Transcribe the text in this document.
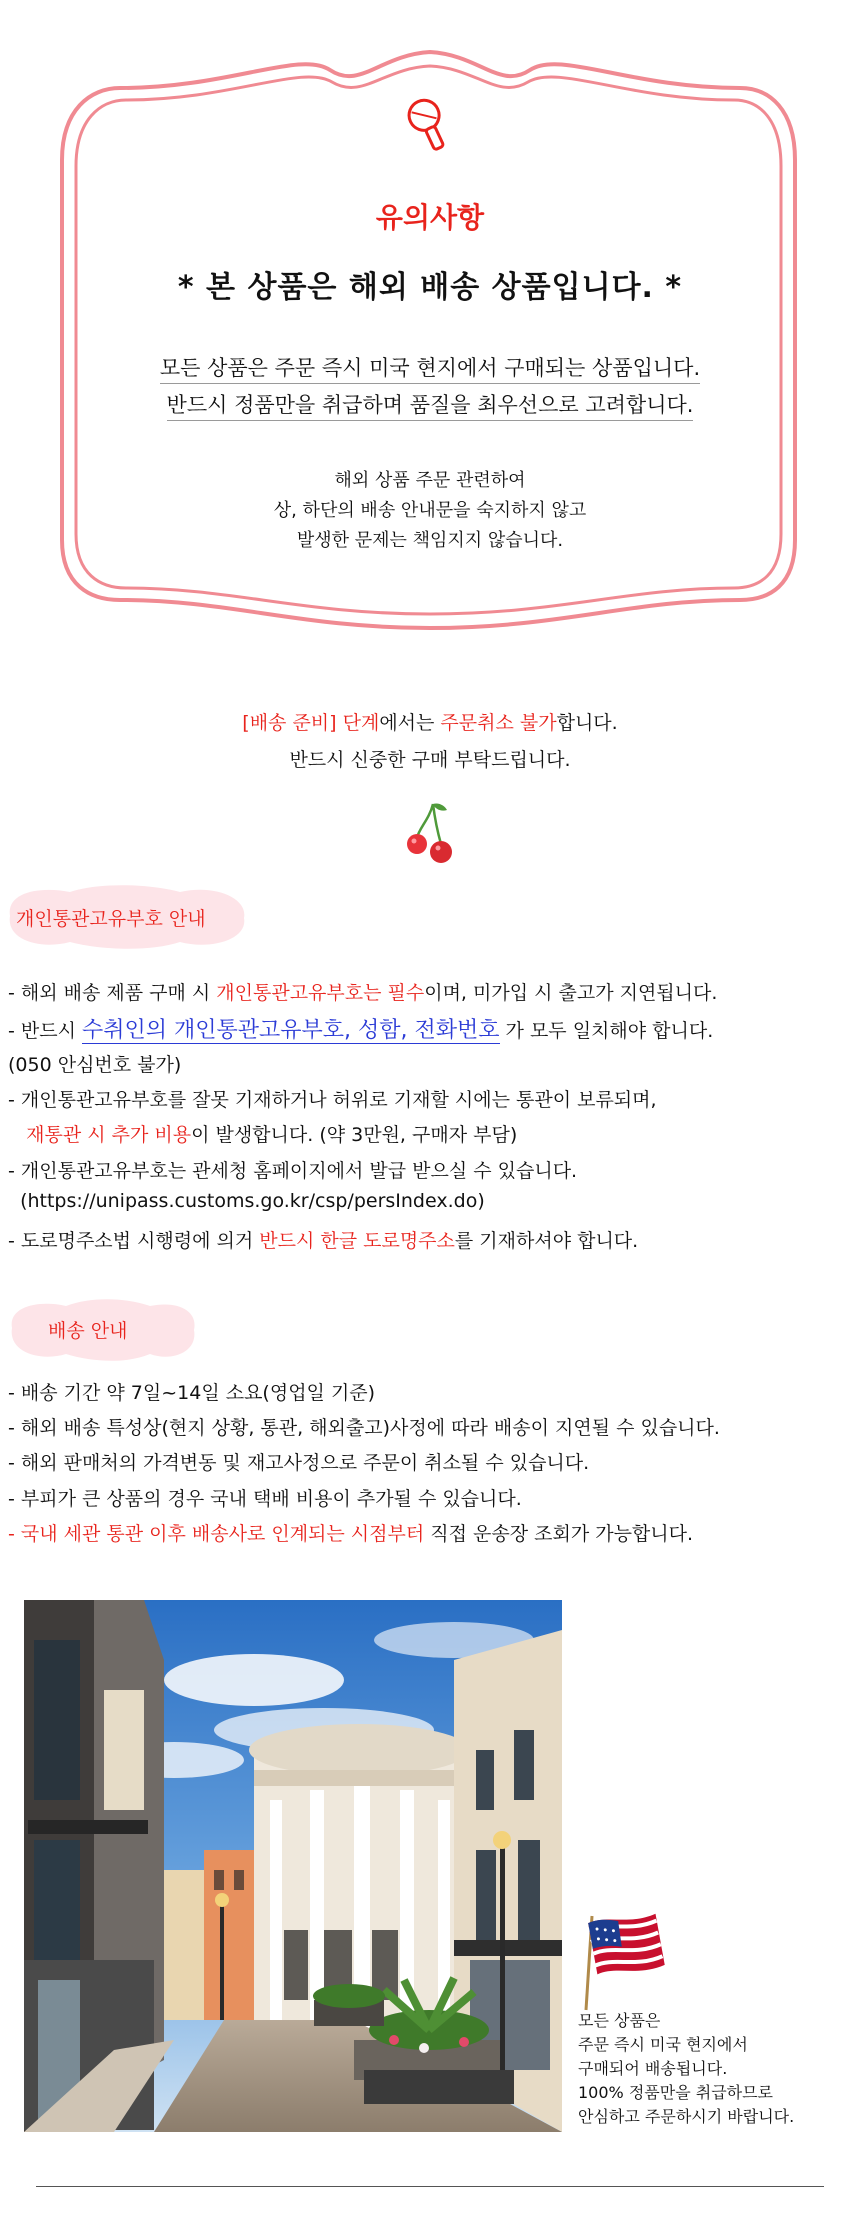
유의사항
* 본 상품은 해외 배송 상품입니다. *
모든 상품은 주문 즉시 미국 현지에서 구매되는 상품입니다.
반드시 정품만을 취급하며 품질을 최우선으로 고려합니다.
해외 상품 주문 관련하여
상, 하단의 배송 안내문을 숙지하지 않고
발생한 문제는 책임지지 않습니다.
[배송 준비] 단계에서는 주문취소 불가합니다.
반드시 신중한 구매 부탁드립니다.
개인통관고유부호 안내
- 해외 배송 제품 구매 시 개인통관고유부호는 필수이며, 미가입 시 출고가 지연됩니다.
- 반드시 수취인의 개인통관고유부호, 성함, 전화번호 가 모두 일치해야 합니다.
(050 안심번호 불가)
- 개인통관고유부호를 잘못 기재하거나 허위로 기재할 시에는 통관이 보류되며,
재통관 시 추가 비용이 발생합니다. (약 3만원, 구매자 부담)
- 개인통관고유부호는 관세청 홈페이지에서 발급 받으실 수 있습니다.
(https://unipass.customs.go.kr/csp/persIndex.do)
- 도로명주소법 시행령에 의거 반드시 한글 도로명주소를 기재하셔야 합니다.
배송 안내
- 배송 기간 약 7일~14일 소요(영업일 기준)
- 해외 배송 특성상(현지 상황, 통관, 해외출고)사정에 따라 배송이 지연될 수 있습니다.
- 해외 판매처의 가격변동 및 재고사정으로 주문이 취소될 수 있습니다.
- 부피가 큰 상품의 경우 국내 택배 비용이 추가될 수 있습니다.
- 국내 세관 통관 이후 배송사로 인계되는 시점부터 직접 운송장 조회가 가능합니다.
모든 상품은
주문 즉시 미국 현지에서
구매되어 배송됩니다.
100% 정품만을 취급하므로
안심하고 주문하시기 바랍니다.
